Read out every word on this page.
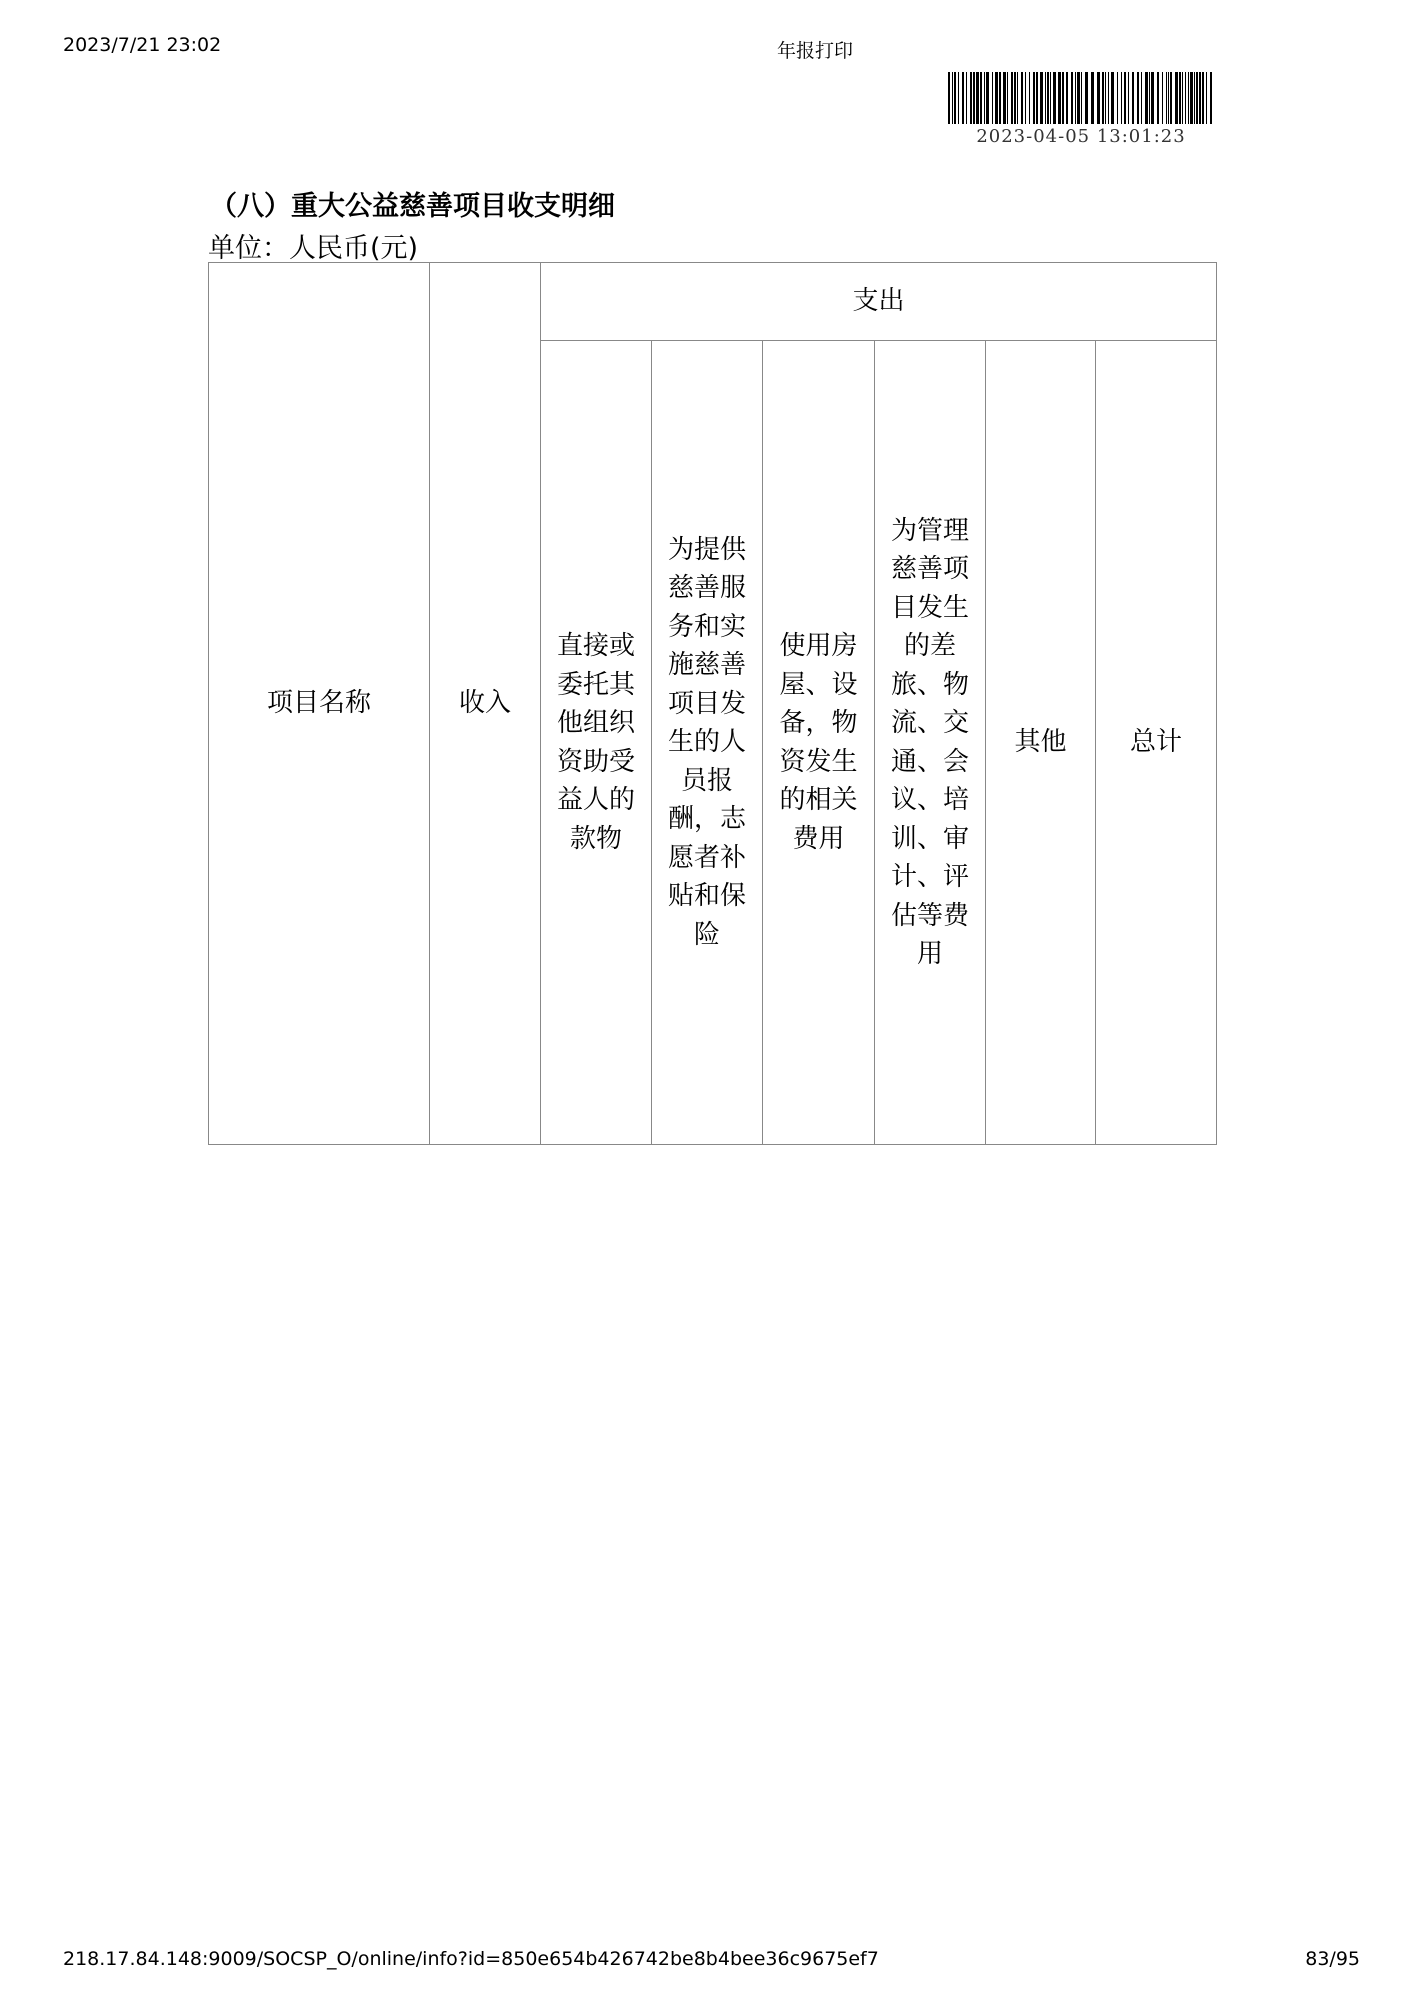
2023/7/21 23:02	年报打印
2023-04-05 13:01:23
（八）重大公益慈善项目收支明细
单位：人民币(元)
项目名称	收入	支出					
		直接或委托其他组织资助受益人的款物	为提供慈善服务和实施慈善项目发生的人员报酬，志愿者补贴和保险	使用房屋、设备，物资发生的相关费用	为管理慈善项目发生的差旅、物流、交通、会议、培训、审计、评估等费用	其他	总计
218.17.84.148:9009/SOCSP_O/online/info?id=850e654b426742be8b4bee36c9675ef7	83/95
